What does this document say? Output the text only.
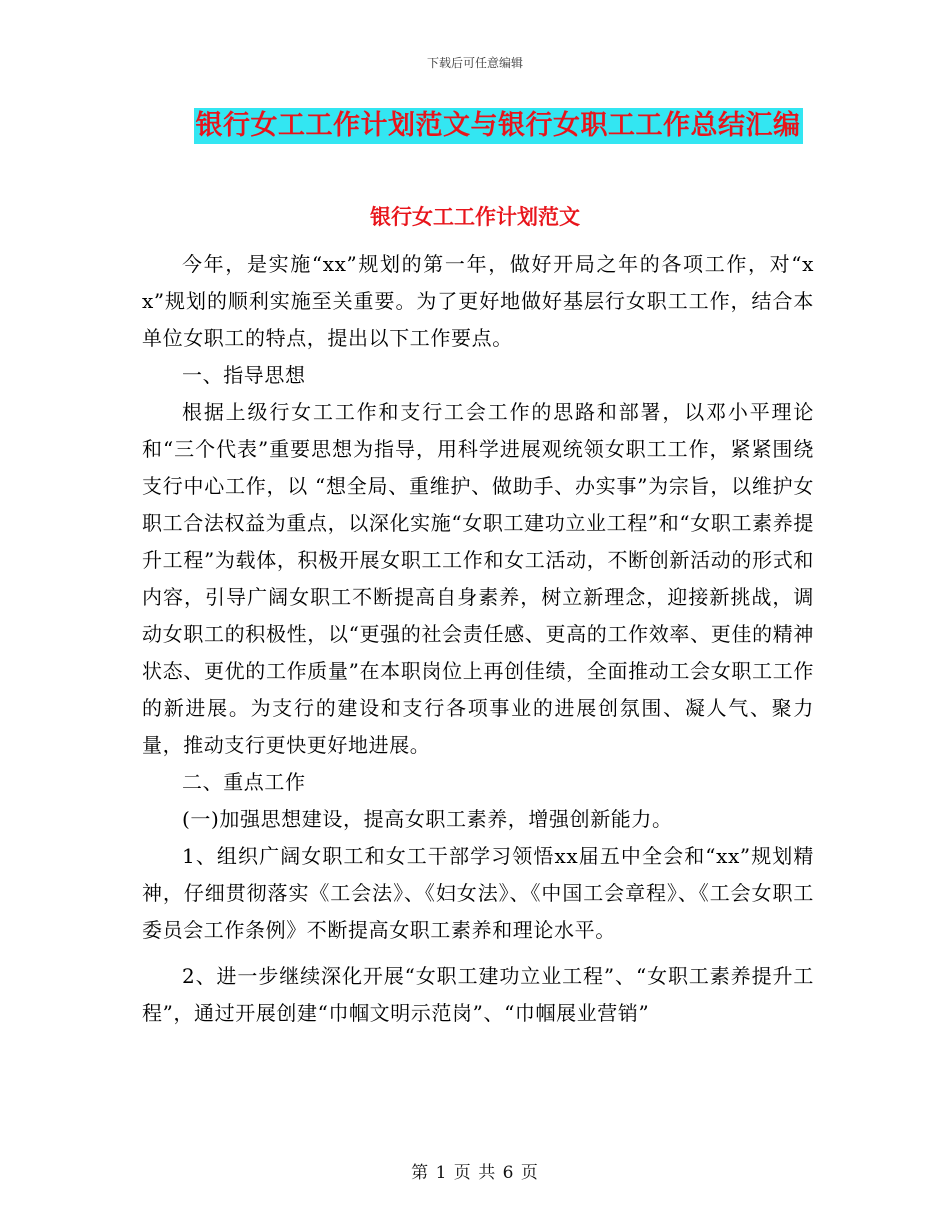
下载后可任意编辑
银行女工工作计划范文与银行女职工工作总结汇编
银行女工工作计划范文

今年，是实施“xx”规划的第一年，做好开局之年的各项工作，对“xx”规划的顺利实施至关重要。为了更好地做好基层行女职工工作，结合本单位女职工的特点，提出以下工作要点。

一、指导思想

根据上级行女工工作和支行工会工作的思路和部署，以邓小平理论和“三个代表”重要思想为指导，用科学进展观统领女职工工作，紧紧围绕支行中心工作，以 “想全局、重维护、做助手、办实事”为宗旨，以维护女职工合法权益为重点，以深化实施“女职工建功立业工程”和“女职工素养提升工程”为载体，积极开展女职工工作和女工活动，不断创新活动的形式和内容，引导广阔女职工不断提高自身素养，树立新理念，迎接新挑战，调动女职工的积极性，以“更强的社会责任感、更高的工作效率、更佳的精神状态、更优的工作质量”在本职岗位上再创佳绩，全面推动工会女职工工作的新进展。为支行的建设和支行各项事业的进展创氛围、凝人气、聚力量，推动支行更快更好地进展。

二、重点工作

(一)加强思想建设，提高女职工素养，增强创新能力。

1、组织广阔女职工和女工干部学习领悟xx届五中全会和“xx”规划精神，仔细贯彻落实《工会法》、《妇女法》、《中国工会章程》、《工会女职工委员会工作条例》不断提高女职工素养和理论水平。

2、进一步继续深化开展“女职工建功立业工程”、“女职工素养提升工程”，通过开展创建“巾帼文明示范岗”、“巾帼展业营销”

第 1 页 共 6 页
